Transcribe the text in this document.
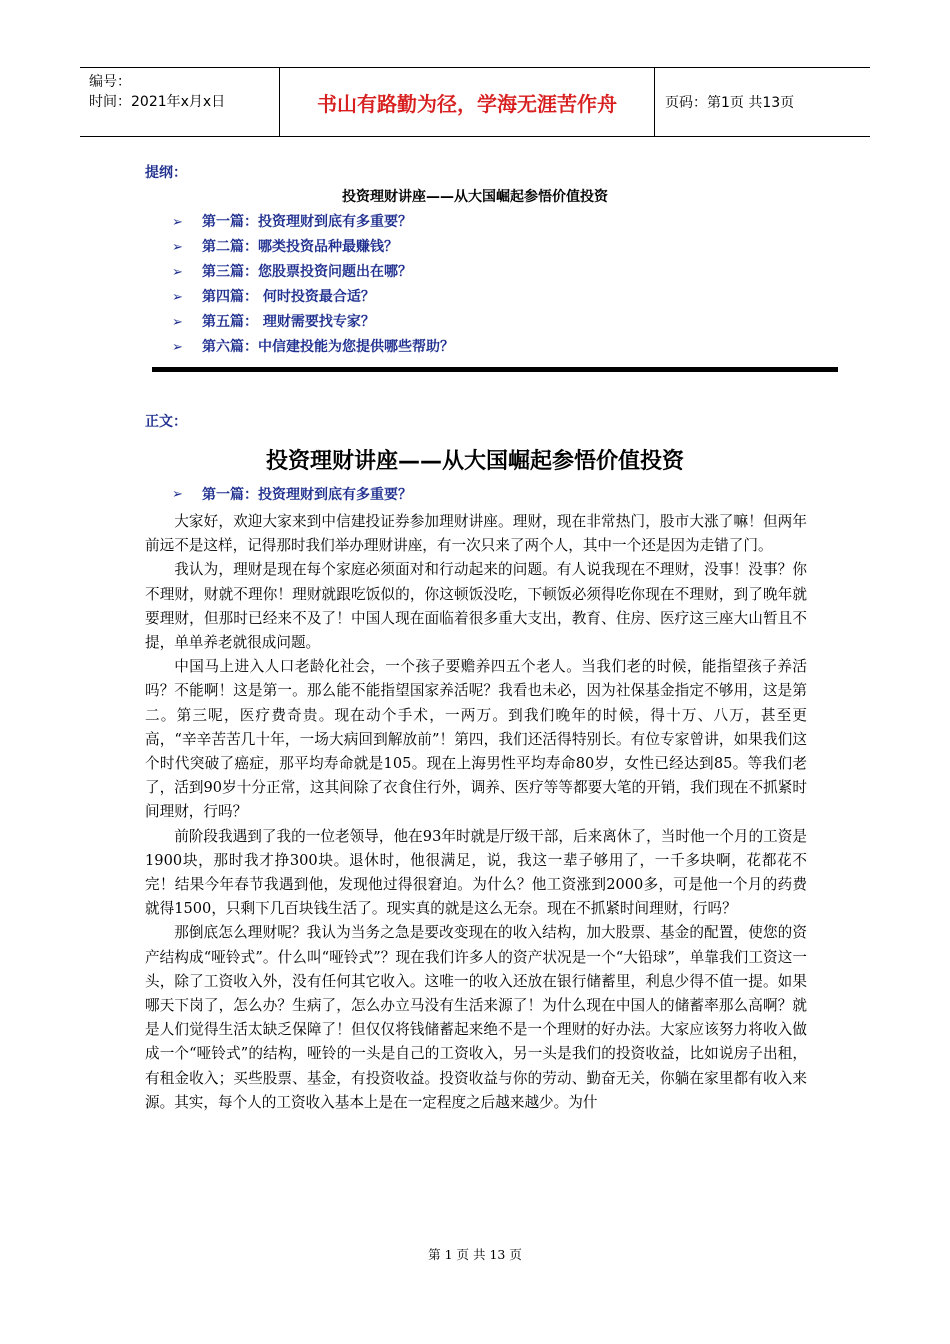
编号：
时间：2021年x月x日	书山有路勤为径，学海无涯苦作舟	页码：第1页 共13页
提纲：
投资理财讲座——从大国崛起参悟价值投资
➢	第一篇：投资理财到底有多重要？
➢	第二篇：哪类投资品种最赚钱？
➢	第三篇：您股票投资问题出在哪？
➢	第四篇： 何时投资最合适？
➢	第五篇： 理财需要找专家？
➢	第六篇：中信建投能为您提供哪些帮助？
正文：
投资理财讲座——从大国崛起参悟价值投资
➢	第一篇：投资理财到底有多重要？

大家好，欢迎大家来到中信建投证券参加理财讲座。理财，现在非常热门，股市大涨了嘛！但两年前远不是这样，记得那时我们举办理财讲座，有一次只来了两个人，其中一个还是因为走错了门。

我认为，理财是现在每个家庭必须面对和行动起来的问题。有人说我现在不理财，没事！没事？你不理财，财就不理你！理财就跟吃饭似的，你这顿饭没吃，下顿饭必须得吃你现在不理财，到了晚年就要理财，但那时已经来不及了！中国人现在面临着很多重大支出，教育、住房、医疗这三座大山暂且不提，单单养老就很成问题。

中国马上进入人口老龄化社会，一个孩子要赡养四五个老人。当我们老的时候，能指望孩子养活吗？不能啊！这是第一。那么能不能指望国家养活呢？我看也未必，因为社保基金指定不够用，这是第二。第三呢，医疗费奇贵。现在动个手术，一两万。到我们晚年的时候，得十万、八万，甚至更高，“辛辛苦苦几十年，一场大病回到解放前”！第四，我们还活得特别长。有位专家曾讲，如果我们这个时代突破了癌症，那平均寿命就是105。现在上海男性平均寿命80岁，女性已经达到85。等我们老了，活到90岁十分正常，这其间除了衣食住行外，调养、医疗等等都要大笔的开销，我们现在不抓紧时间理财，行吗？

前阶段我遇到了我的一位老领导，他在93年时就是厅级干部，后来离休了，当时他一个月的工资是1900块，那时我才挣300块。退休时，他很满足，说，我这一辈子够用了，一千多块啊，花都花不完！结果今年春节我遇到他，发现他过得很窘迫。为什么？他工资涨到2000多，可是他一个月的药费就得1500，只剩下几百块钱生活了。现实真的就是这么无奈。现在不抓紧时间理财，行吗？

那倒底怎么理财呢？我认为当务之急是要改变现在的收入结构，加大股票、基金的配置，使您的资产结构成“哑铃式”。什么叫“哑铃式”？现在我们许多人的资产状况是一个“大铅球”，单靠我们工资这一头，除了工资收入外，没有任何其它收入。这唯一的收入还放在银行储蓄里，利息少得不值一提。如果哪天下岗了，怎么办？生病了，怎么办立马没有生活来源了！为什么现在中国人的储蓄率那么高啊？就是人们觉得生活太缺乏保障了！但仅仅将钱储蓄起来绝不是一个理财的好办法。大家应该努力将收入做成一个“哑铃式”的结构，哑铃的一头是自己的工资收入，另一头是我们的投资收益，比如说房子出租，有租金收入；买些股票、基金，有投资收益。投资收益与你的劳动、勤奋无关，你躺在家里都有收入来源。其实，每个人的工资收入基本上是在一定程度之后越来越少。为什

第 1 页 共 13 页
